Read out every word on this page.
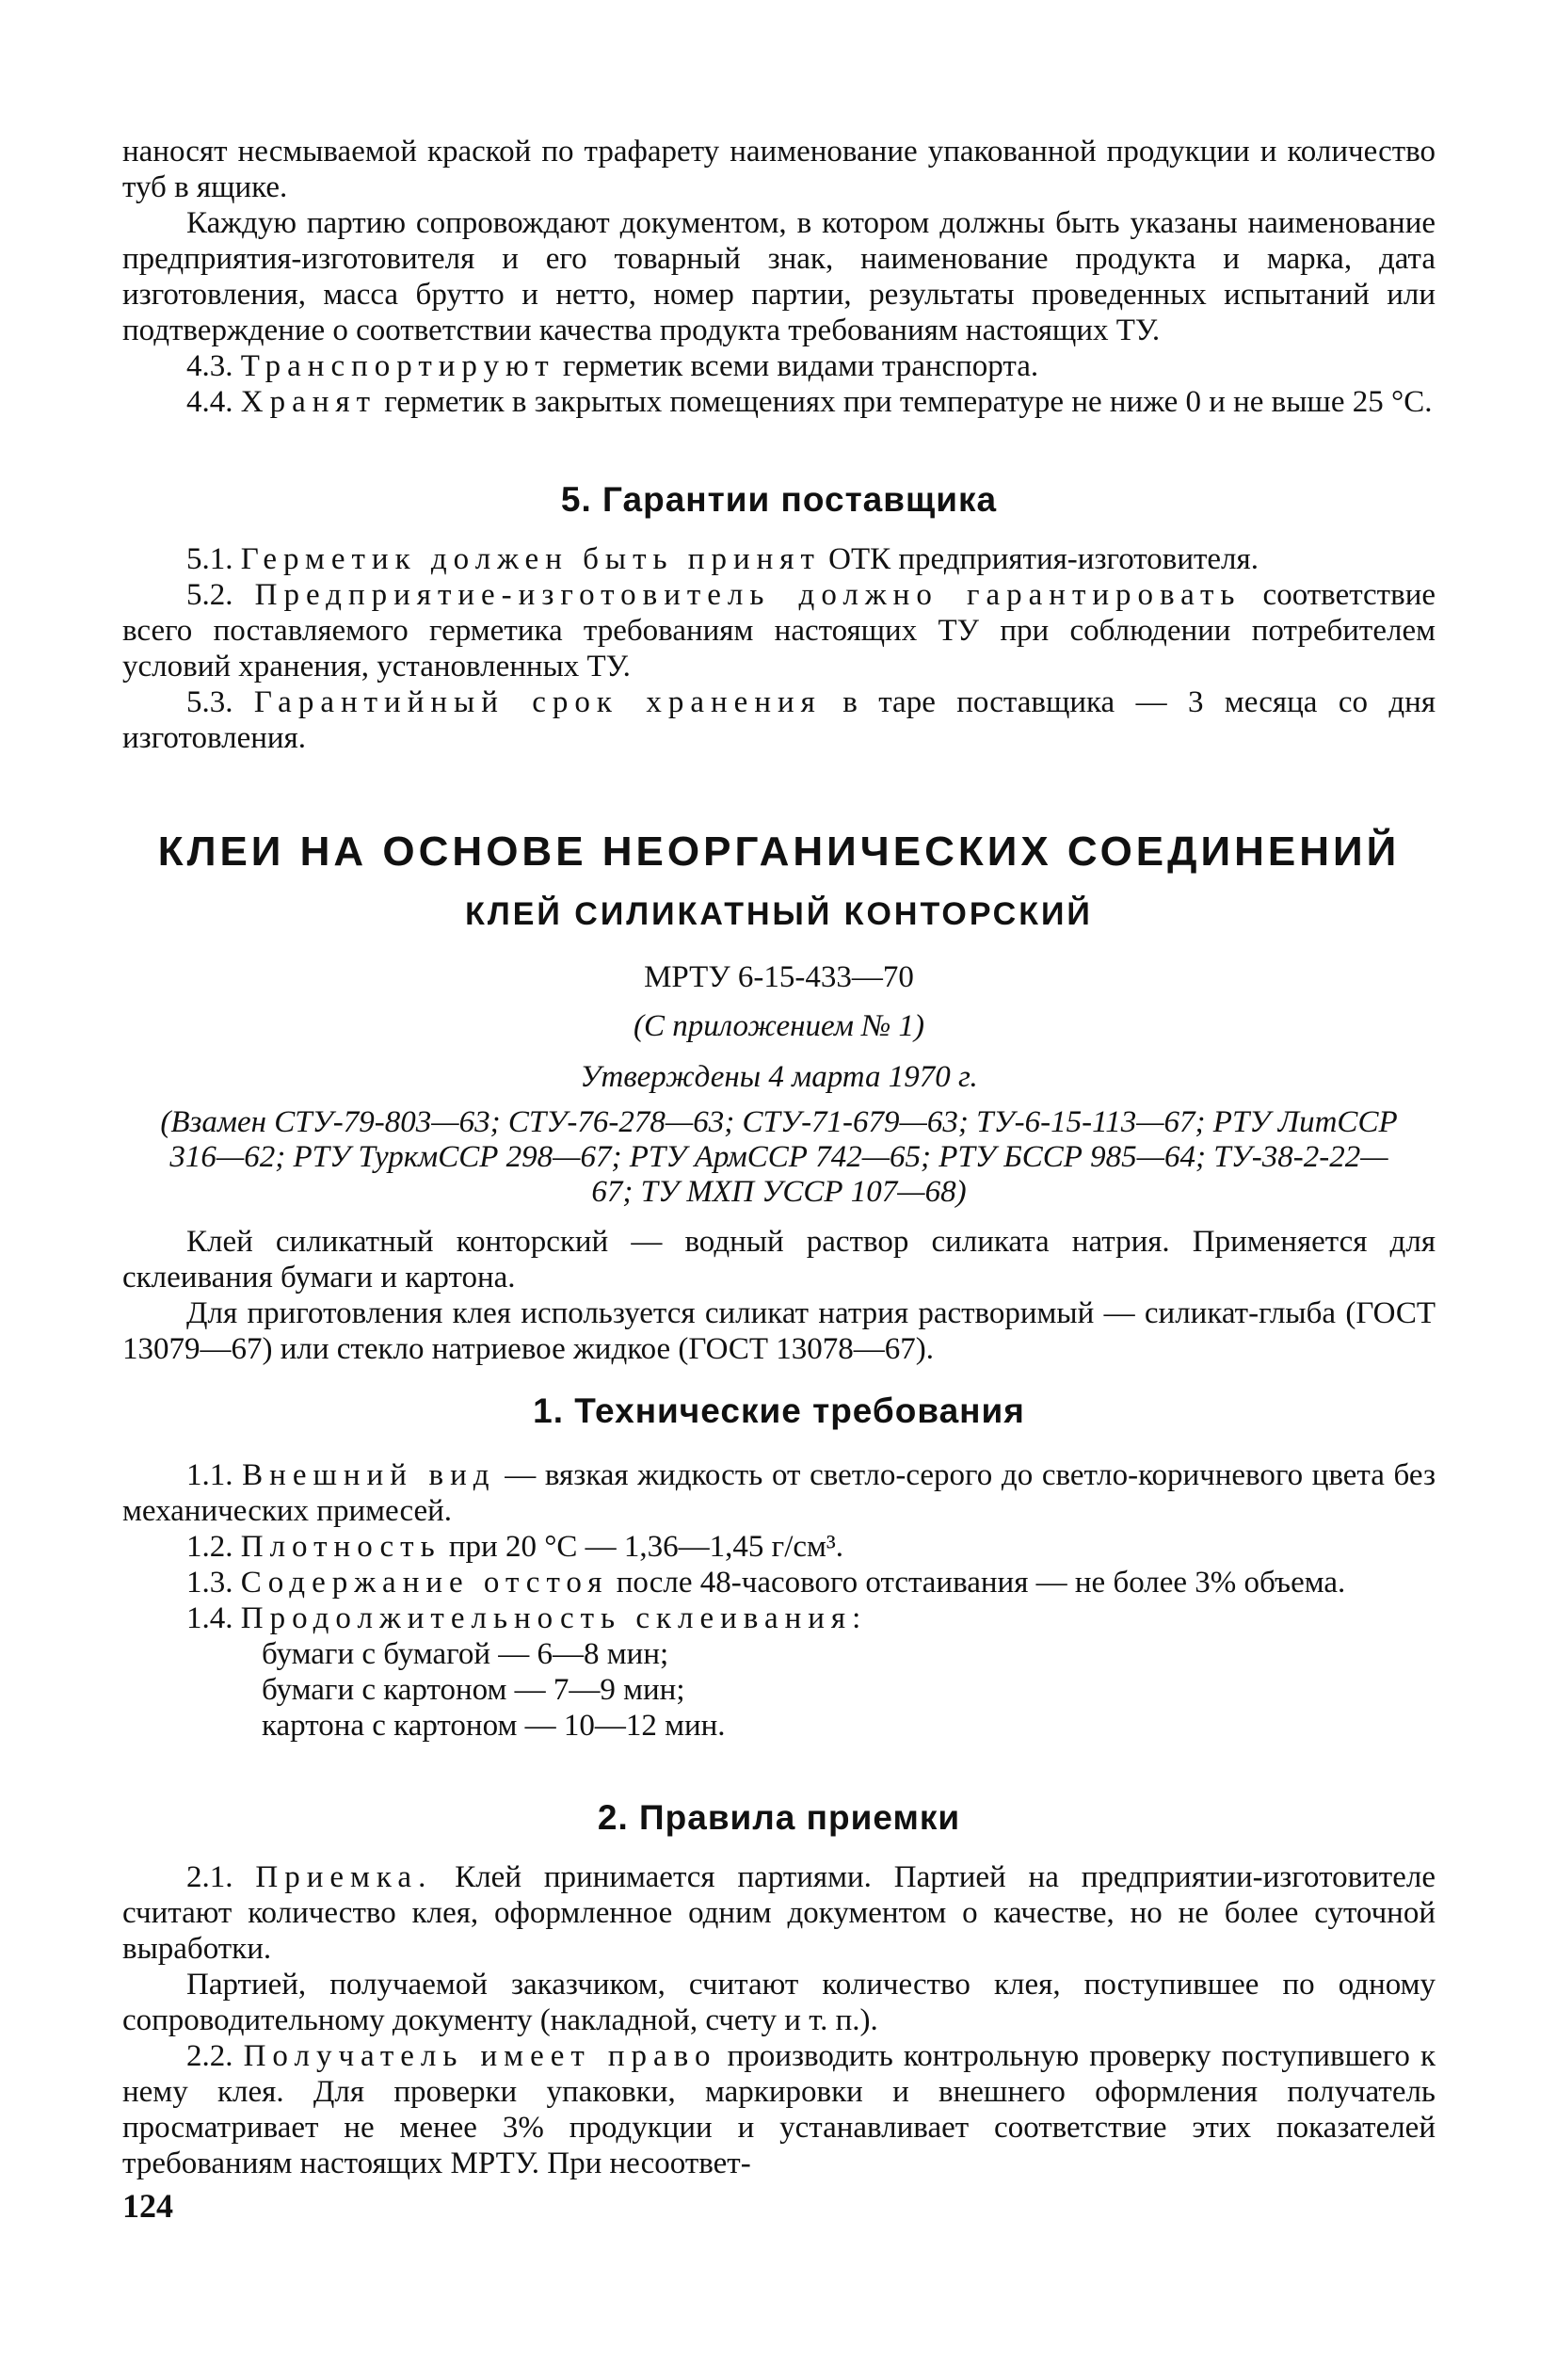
наносят несмываемой краской по трафарету наименование упакованной продукции и количество туб в ящике.

Каждую партию сопровождают документом, в котором должны быть указаны наименование предприятия-изготовителя и его товарный знак, наименование продукта и марка, дата изготовления, масса брутто и нетто, номер партии, результаты проведенных испытаний или подтверждение о соответствии качества продукта требованиям настоящих ТУ.

4.3. Транспортируют герметик всеми видами транспорта.

4.4. Хранят герметик в закрытых помещениях при температуре не ниже 0 и не выше 25 °С.

5. Гарантии поставщика

5.1. Герметик должен быть принят ОТК предприятия-изготовителя.

5.2. Предприятие-изготовитель должно гарантировать соответствие всего поставляемого герметика требованиям настоящих ТУ при соблюдении потребителем условий хранения, установленных ТУ.

5.3. Гарантийный срок хранения в таре поставщика — 3 месяца со дня изготовления.

КЛЕИ НА ОСНОВЕ НЕОРГАНИЧЕСКИХ СОЕДИНЕНИЙ
КЛЕЙ СИЛИКАТНЫЙ КОНТОРСКИЙ

МРТУ 6-15-433—70

(С приложением № 1)

Утверждены 4 марта 1970 г.

(Взамен СТУ-79-803—63; СТУ-76-278—63; СТУ-71-679—63; ТУ-6-15-113—67; РТУ ЛитССР 316—62; РТУ ТуркмССР 298—67; РТУ АрмССР 742—65; РТУ БССР 985—64; ТУ-38-2-22—67; ТУ МХП УССР 107—68)

Клей силикатный конторский — водный раствор силиката натрия. Применяется для склеивания бумаги и картона.

Для приготовления клея используется силикат натрия растворимый — силикат-глыба (ГОСТ 13079—67) или стекло натриевое жидкое (ГОСТ 13078—67).

1. Технические требования

1.1. Внешний вид — вязкая жидкость от светло-серого до светло-коричневого цвета без механических примесей.

1.2. Плотность при 20 °С — 1,36—1,45 г/см³.

1.3. Содержание отстоя после 48-часового отстаивания — не более 3% объема.

1.4. Продолжительность склеивания:

бумаги с бумагой — 6—8 мин;

бумаги с картоном — 7—9 мин;

картона с картоном — 10—12 мин.

2. Правила приемки

2.1. Приемка. Клей принимается партиями. Партией на предприятии-изготовителе считают количество клея, оформленное одним документом о качестве, но не более суточной выработки.

Партией, получаемой заказчиком, считают количество клея, поступившее по одному сопроводительному документу (накладной, счету и т. п.).

2.2. Получатель имеет право производить контрольную проверку поступившего к нему клея. Для проверки упаковки, маркировки и внешнего оформления получатель просматривает не менее 3% продукции и устанавливает соответствие этих показателей требованиям настоящих МРТУ. При несоответ-

124
